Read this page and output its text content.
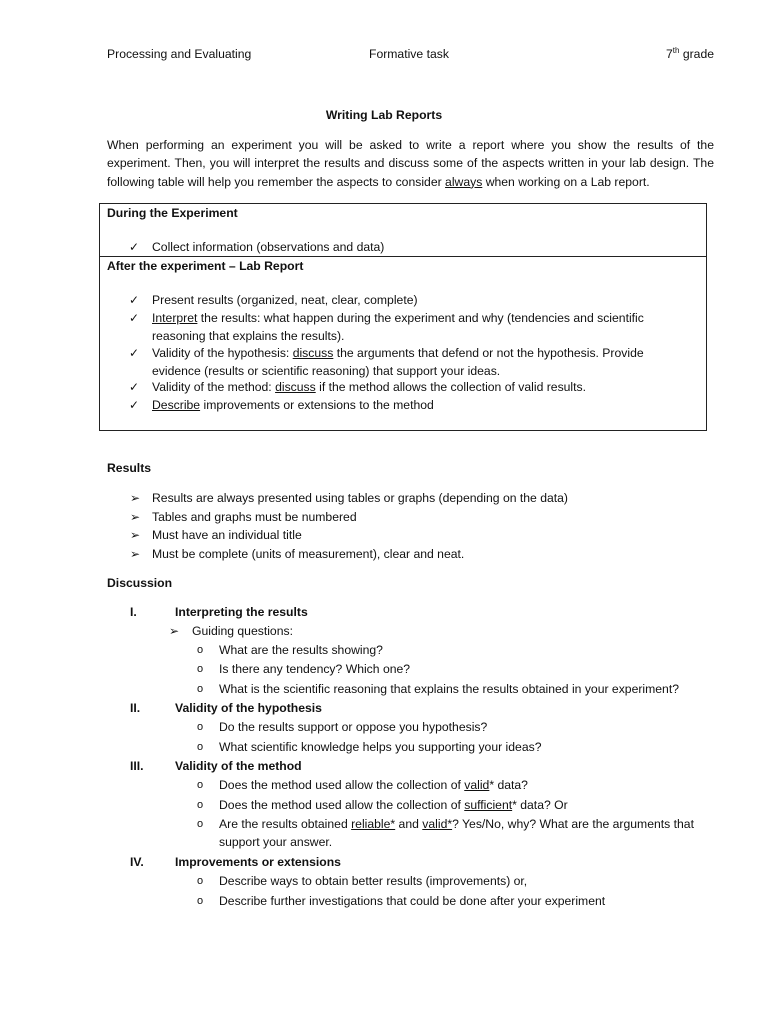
Processing and Evaluating	Formative task	7th grade
Writing Lab Reports

When performing an experiment you will be asked to write a report where you show the results of the experiment. Then, you will interpret the results and discuss some of the aspects written in your lab design. The following table will help you remember the aspects to consider always when working on a Lab report.

During the Experiment
✓ Collect information (observations and data)
After the experiment – Lab Report
✓ Present results (organized, neat, clear, complete)
✓ Interpret the results: what happen during the experiment and why (tendencies and scientific reasoning that explains the results).
✓ Validity of the hypothesis: discuss the arguments that defend or not the hypothesis. Provide evidence (results or scientific reasoning) that support your ideas.
✓ Validity of the method: discuss if the method allows the collection of valid results.
✓ Describe improvements or extensions to the method
Results
➢ Results are always presented using tables or graphs (depending on the data)
➢ Tables and graphs must be numbered
➢ Must have an individual title
➢ Must be complete (units of measurement), clear and neat.
Discussion
I.	Interpreting the results
➢ Guiding questions:
o What are the results showing?
o Is there any tendency? Which one?
o What is the scientific reasoning that explains the results obtained in your experiment?
II.	Validity of the hypothesis
o Do the results support or oppose you hypothesis?
o What scientific knowledge helps you supporting your ideas?
III.	Validity of the method
o Does the method used allow the collection of valid* data?
o Does the method used allow the collection of sufficient* data? Or
o Are the results obtained reliable* and valid*? Yes/No, why? What are the arguments that support your answer.
IV.	Improvements or extensions
o Describe ways to obtain better results (improvements) or,
o Describe further investigations that could be done after your experiment
